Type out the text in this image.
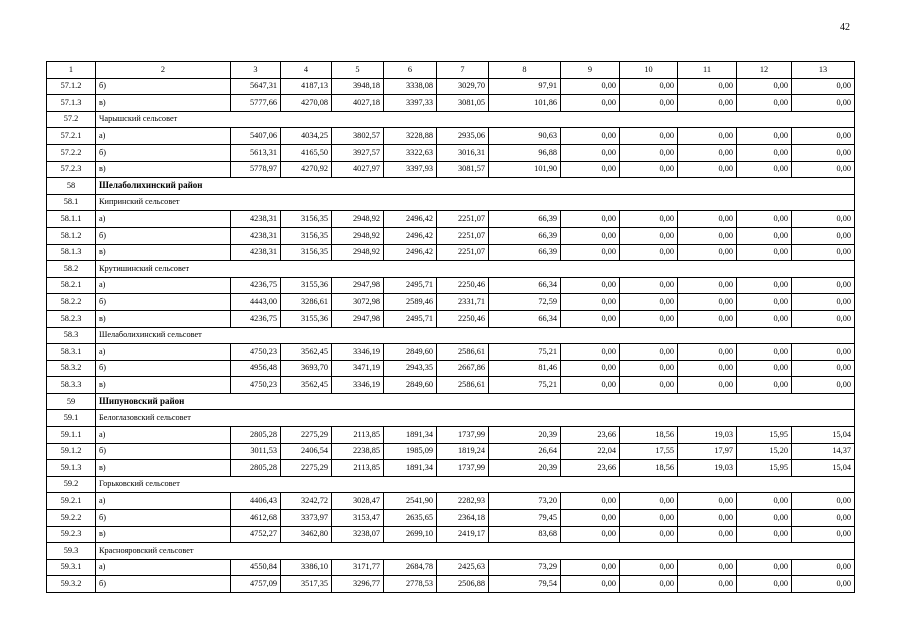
42
1	2	3	4	5	6	7	8	9	10	11	12	13
57.1.2	б)	5647,31	4187,13	3948,18	3338,08	3029,70	97,91	0,00	0,00	0,00	0,00	0,00
57.1.3	в)	5777,66	4270,08	4027,18	3397,33	3081,05	101,86	0,00	0,00	0,00	0,00	0,00
57.2	Чарышский сельсовет											
57.2.1	а)	5407,06	4034,25	3802,57	3228,88	2935,06	90,63	0,00	0,00	0,00	0,00	0,00
57.2.2	б)	5613,31	4165,50	3927,57	3322,63	3016,31	96,88	0,00	0,00	0,00	0,00	0,00
57.2.3	в)	5778,97	4270,92	4027,97	3397,93	3081,57	101,90	0,00	0,00	0,00	0,00	0,00
58	Шелаболихинский район											
58.1	Кипринский сельсовет											
58.1.1	а)	4238,31	3156,35	2948,92	2496,42	2251,07	66,39	0,00	0,00	0,00	0,00	0,00
58.1.2	б)	4238,31	3156,35	2948,92	2496,42	2251,07	66,39	0,00	0,00	0,00	0,00	0,00
58.1.3	в)	4238,31	3156,35	2948,92	2496,42	2251,07	66,39	0,00	0,00	0,00	0,00	0,00
58.2	Крутишинский сельсовет											
58.2.1	а)	4236,75	3155,36	2947,98	2495,71	2250,46	66,34	0,00	0,00	0,00	0,00	0,00
58.2.2	б)	4443,00	3286,61	3072,98	2589,46	2331,71	72,59	0,00	0,00	0,00	0,00	0,00
58.2.3	в)	4236,75	3155,36	2947,98	2495,71	2250,46	66,34	0,00	0,00	0,00	0,00	0,00
58.3	Шелаболихинский сельсовет											
58.3.1	а)	4750,23	3562,45	3346,19	2849,60	2586,61	75,21	0,00	0,00	0,00	0,00	0,00
58.3.2	б)	4956,48	3693,70	3471,19	2943,35	2667,86	81,46	0,00	0,00	0,00	0,00	0,00
58.3.3	в)	4750,23	3562,45	3346,19	2849,60	2586,61	75,21	0,00	0,00	0,00	0,00	0,00
59	Шипуновский район											
59.1	Белоглазовский сельсовет											
59.1.1	а)	2805,28	2275,29	2113,85	1891,34	1737,99	20,39	23,66	18,56	19,03	15,95	15,04
59.1.2	б)	3011,53	2406,54	2238,85	1985,09	1819,24	26,64	22,04	17,55	17,97	15,20	14,37
59.1.3	в)	2805,28	2275,29	2113,85	1891,34	1737,99	20,39	23,66	18,56	19,03	15,95	15,04
59.2	Горьковский сельсовет											
59.2.1	а)	4406,43	3242,72	3028,47	2541,90	2282,93	73,20	0,00	0,00	0,00	0,00	0,00
59.2.2	б)	4612,68	3373,97	3153,47	2635,65	2364,18	79,45	0,00	0,00	0,00	0,00	0,00
59.2.3	в)	4752,27	3462,80	3238,07	2699,10	2419,17	83,68	0,00	0,00	0,00	0,00	0,00
59.3	Краснояровский сельсовет											
59.3.1	а)	4550,84	3386,10	3171,77	2684,78	2425,63	73,29	0,00	0,00	0,00	0,00	0,00
59.3.2	б)	4757,09	3517,35	3296,77	2778,53	2506,88	79,54	0,00	0,00	0,00	0,00	0,00
